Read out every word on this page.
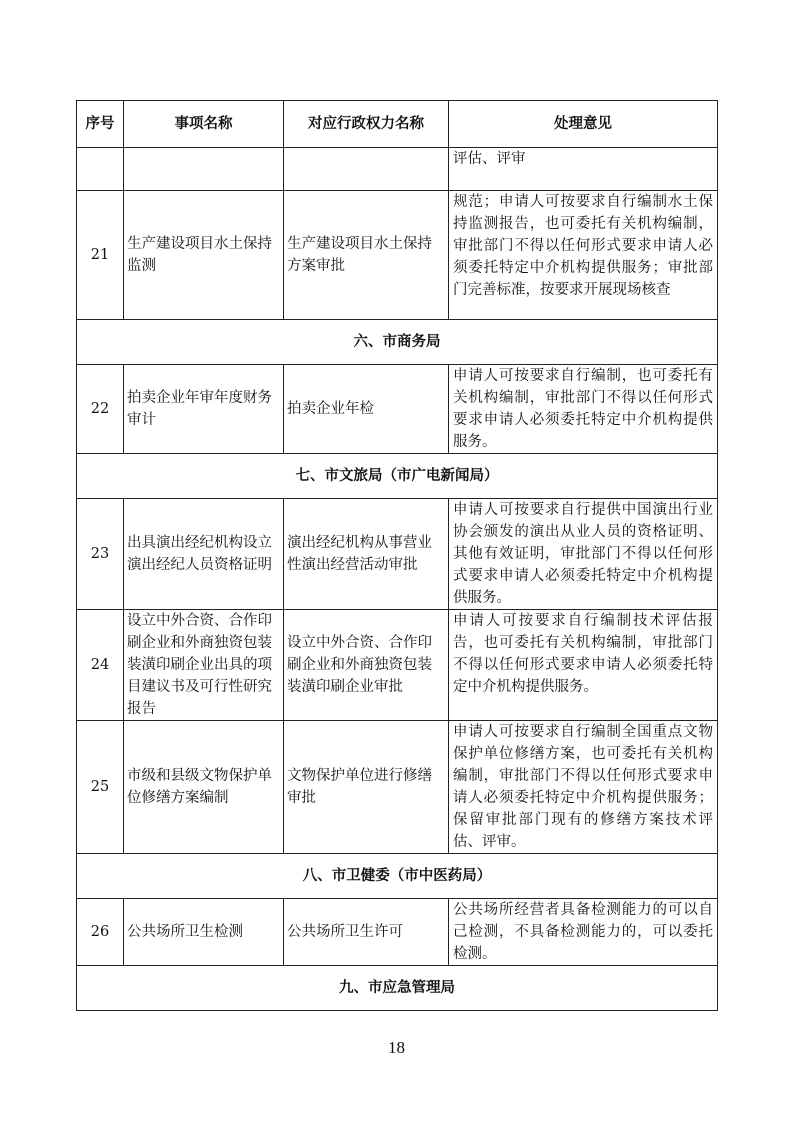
序号	事项名称	对应行政权力名称	处理意见
			评估、评审
21	生产建设项目水土保持监测	生产建设项目水土保持方案审批	规范；申请人可按要求自行编制水土保持监测报告，也可委托有关机构编制，审批部门不得以任何形式要求申请人必须委托特定中介机构提供服务；审批部门完善标准，按要求开展现场核查
六、市商务局			
22	拍卖企业年审年度财务审计	拍卖企业年检	申请人可按要求自行编制，也可委托有关机构编制，审批部门不得以任何形式要求申请人必须委托特定中介机构提供服务。
七、市文旅局（市广电新闻局）			
23	出具演出经纪机构设立演出经纪人员资格证明	演出经纪机构从事营业性演出经营活动审批	申请人可按要求自行提供中国演出行业协会颁发的演出从业人员的资格证明、其他有效证明，审批部门不得以任何形式要求申请人必须委托特定中介机构提供服务。
24	设立中外合资、合作印刷企业和外商独资包装装潢印刷企业出具的项目建议书及可行性研究报告	设立中外合资、合作印刷企业和外商独资包装装潢印刷企业审批	申请人可按要求自行编制技术评估报告，也可委托有关机构编制，审批部门不得以任何形式要求申请人必须委托特定中介机构提供服务。
25	市级和县级文物保护单位修缮方案编制	文物保护单位进行修缮审批	申请人可按要求自行编制全国重点文物保护单位修缮方案，也可委托有关机构编制，审批部门不得以任何形式要求申请人必须委托特定中介机构提供服务；保留审批部门现有的修缮方案技术评估、评审。
八、市卫健委（市中医药局）			
26	公共场所卫生检测	公共场所卫生许可	公共场所经营者具备检测能力的可以自己检测，不具备检测能力的，可以委托检测。
九、市应急管理局			
18
